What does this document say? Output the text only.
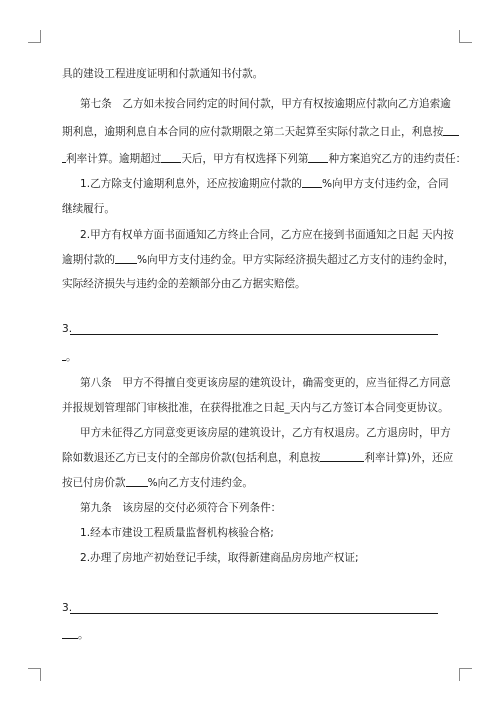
具的建设工程进度证明和付款通知书付款。
第七条　乙方如未按合同约定的时间付款，甲方有权按逾期应付款向乙方追索逾
期利息，逾期利息自本合同的应付款期限之第二天起算至实际付款之日止，利息按
利率计算。逾期超过 天后，甲方有权选择下列第 种方案追究乙方的违约责任：
1.乙方除支付逾期利息外，还应按逾期应付款的 %向甲方支付违约金，合同
继续履行。
2.甲方有权单方面书面通知乙方终止合同，乙方应在接到书面通知之日起 天内按
逾期付款的 %向甲方支付违约金。甲方实际经济损失超过乙方支付的违约金时，
实际经济损失与违约金的差额部分由乙方据实赔偿。
3.
。
第八条　甲方不得擅自变更该房屋的建筑设计，确需变更的，应当征得乙方同意
并报规划管理部门审核批准，在获得批准之日起_天内与乙方签订本合同变更协议。
甲方未征得乙方同意变更该房屋的建筑设计，乙方有权退房。乙方退房时，甲方
除如数退还乙方已支付的全部房价款(包括利息，利息按	利率计算)外，还应
按已付房价款 %向乙方支付违约金。
第九条　该房屋的交付必须符合下列条件：
1.经本市建设工程质量监督机构核验合格;
2.办理了房地产初始登记手续，取得新建商品房房地产权证;
3.
。
